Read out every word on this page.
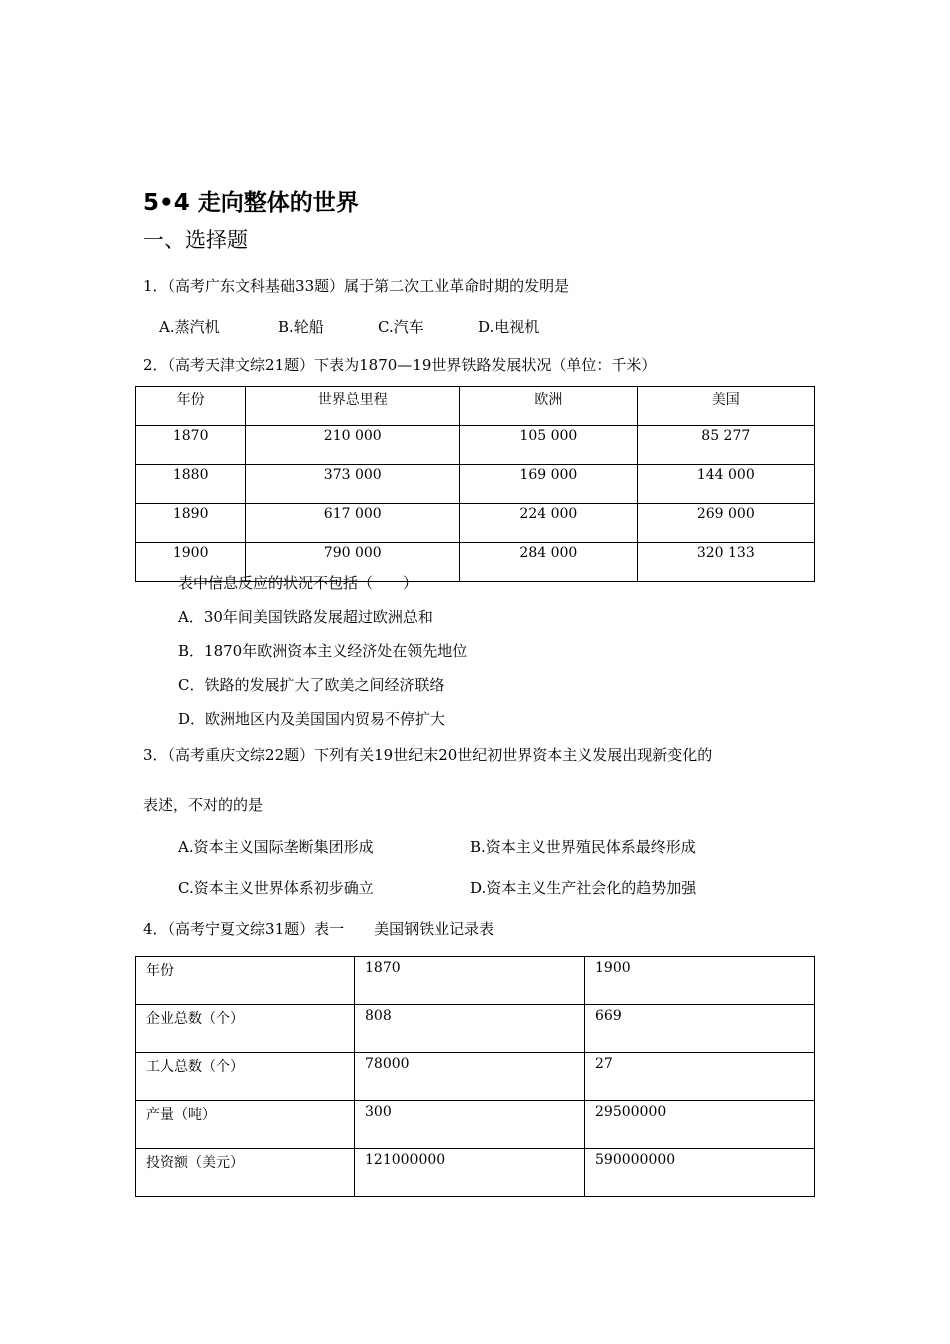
5•4 走向整体的世界
一、选择题
1．（高考广东文科基础33题）属于第二次工业革命时期的发明是
A.蒸汽机	B.轮船	C.汽车	D.电视机
2．（高考天津文综21题）下表为1870—19世界铁路发展状况（单位：千米）
年份	世界总里程	欧洲	美国
1870	210 000	105 000	85 277
1880	373 000	169 000	144 000
1890	617 000	224 000	269 000
1900	790 000	284 000	320 133
表中信息反应的状况不包括（　　）
A．30年间美国铁路发展超过欧洲总和
B．1870年欧洲资本主义经济处在领先地位
C．铁路的发展扩大了欧美之间经济联络
D．欧洲地区内及美国国内贸易不停扩大
3．（高考重庆文综22题）下列有关19世纪末20世纪初世界资本主义发展出现新变化的
表述，不对的的是
A.资本主义国际垄断集团形成	B.资本主义世界殖民体系最终形成
C.资本主义世界体系初步确立	D.资本主义生产社会化的趋势加强
4．（高考宁夏文综31题）表一　　美国钢铁业记录表
年份	1870	1900
企业总数（个）	808	669
工人总数（个）	78000	27
产量（吨）	300	29500000
投资额（美元）	121000000	590000000
